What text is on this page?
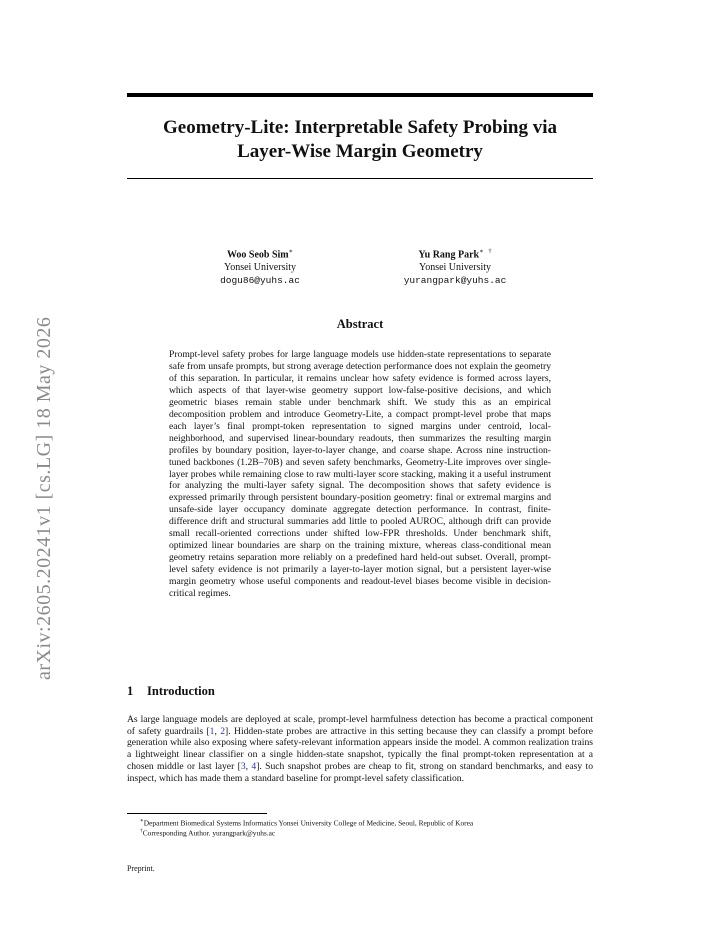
arXiv:2605.20241v1 [cs.LG] 18 May 2026
Geometry-Lite: Interpretable Safety Probing via
Layer-Wise Margin Geometry
Woo Seob Sim∗
Yonsei University
dogu86@yuhs.ac
Yu Rang Park∗   †
Yonsei University
yurangpark@yuhs.ac
Abstract

Prompt-level safety probes for large language models use hidden-state representations to separate safe from unsafe prompts, but strong average detection performance does not explain the geometry of this separation. In particular, it remains unclear how safety evidence is formed across layers, which aspects of that layer-wise geometry support low-false-positive decisions, and which geometric biases remain stable under benchmark shift. We study this as an empirical decomposition problem and introduce Geometry-Lite, a compact prompt-level probe that maps each layer’s final prompt-token representation to signed margins under centroid, local-neighborhood, and supervised linear-boundary readouts, then summarizes the resulting margin profiles by boundary position, layer-to-layer change, and coarse shape. Across nine instruction-tuned backbones (1.2B–70B) and seven safety benchmarks, Geometry-Lite improves over single-layer probes while remaining close to raw multi-layer score stacking, making it a useful instrument for analyzing the multi-layer safety signal. The decomposition shows that safety evidence is expressed primarily through persistent boundary-position geometry: final or extremal margins and unsafe-side layer occupancy dominate aggregate detection performance. In contrast, finite-difference drift and structural summaries add little to pooled AUROC, although drift can provide small recall-oriented corrections under shifted low-FPR thresholds. Under benchmark shift, optimized linear boundaries are sharp on the training mixture, whereas class-conditional mean geometry retains separation more reliably on a predefined hard held-out subset. Overall, prompt-level safety evidence is not primarily a layer-to-layer motion signal, but a persistent layer-wise margin geometry whose useful components and readout-level biases become visible in decision-critical regimes.

1 Introduction

As large language models are deployed at scale, prompt-level harmfulness detection has become a practical component of safety guardrails [1, 2]. Hidden-state probes are attractive in this setting because they can classify a prompt before generation while also exposing where safety-relevant information appears inside the model. A common realization trains a lightweight linear classifier on a single hidden-state snapshot, typically the final prompt-token representation at a chosen middle or last layer [3, 4]. Such snapshot probes are cheap to fit, strong on standard benchmarks, and easy to inspect, which has made them a standard baseline for prompt-level safety classification.

∗Department Biomedical Systems Informatics Yonsei University College of Medicine, Seoul, Republic of Korea
†Corresponding Author. yurangpark@yuhs.ac
Preprint.
